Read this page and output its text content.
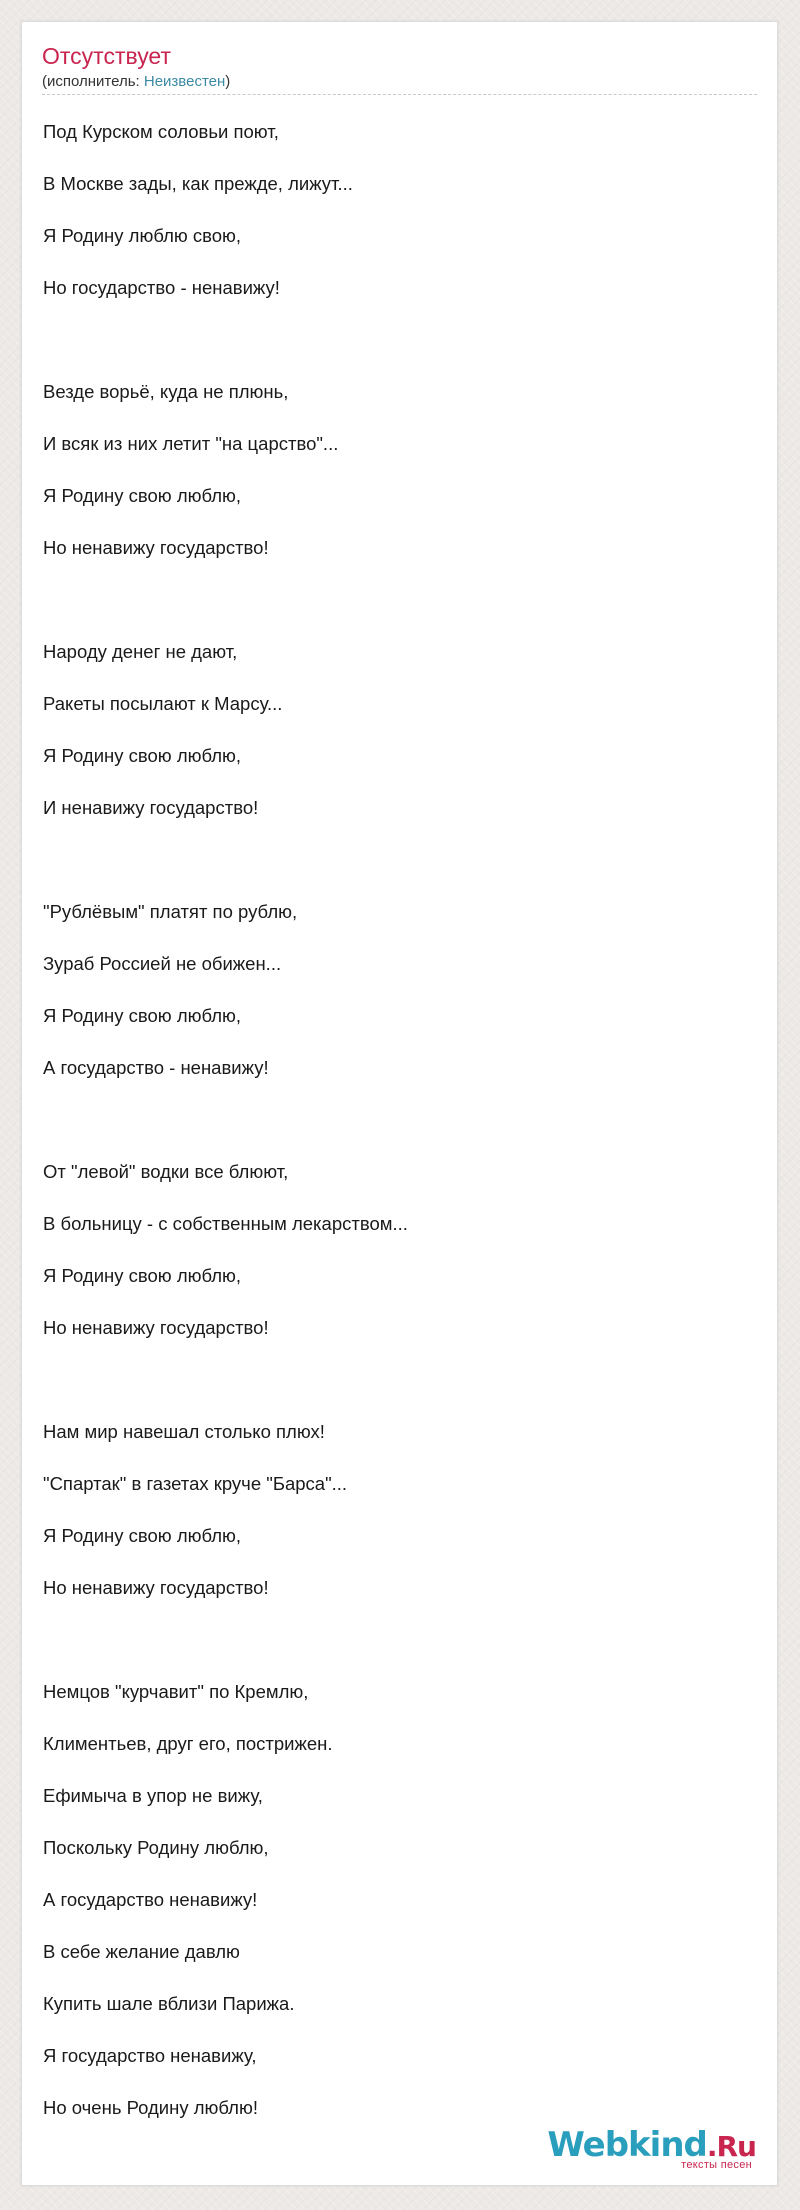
Отсутствует
(исполнитель: Неизвестен)
Под Курском соловьи поют,
В Москве зады, как прежде, лижут...
Я Родину люблю свою,
Но государство - ненавижу!
Везде ворьё, куда не плюнь,
И всяк из них летит "на царство"...
Я Родину свою люблю,
Но ненавижу государство!
Народу денег не дают,
Ракеты посылают к Марсу...
Я Родину свою люблю,
И ненавижу государство!
"Рублёвым" платят по рублю,
Зураб Россией не обижен...
Я Родину свою люблю,
А государство - ненавижу!
От "левой" водки все блюют,
В больницу - с собственным лекарством...
Я Родину свою люблю,
Но ненавижу государство!
Нам мир навешал столько плюх!
"Спартак" в газетах круче "Барса"...
Я Родину свою люблю,
Но ненавижу государство!
Немцов "курчавит" по Кремлю,
Климентьев, друг его, пострижен.
Ефимыча в упор не вижу,
Поскольку Родину люблю,
А государство ненавижу!
В себе желание давлю
Купить шале вблизи Парижа.
Я государство ненавижу,
Но очень Родину люблю!
Webkind.Ru
тексты песен
